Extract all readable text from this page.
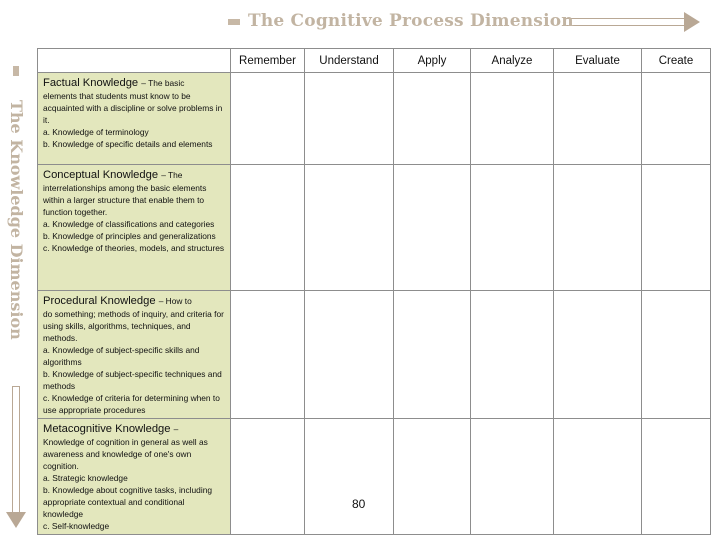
The Cognitive Process Dimension
The Knowledge Dimension
	Remember	Understand	Apply	Analyze	Evaluate	Create

Factual Knowledge – The basic
elements that students must know to be acquainted with a discipline or solve problems in it.
a. Knowledge of terminology
b. Knowledge of specific details and elements						

Conceptual Knowledge – The
interrelationships among the basic elements within a larger structure that enable them to function together.
a. Knowledge of classifications and categories
b. Knowledge of principles and generalizations
c. Knowledge of theories, models, and structures						

Procedural Knowledge – How to
do something; methods of inquiry, and criteria for using skills, algorithms, techniques, and methods.
a. Knowledge of subject-specific skills and algorithms
b. Knowledge of subject-specific techniques and methods
c. Knowledge of criteria for determining when to use appropriate procedures						

Metacognitive Knowledge –
Knowledge of cognition in general as well as awareness and knowledge of one's own cognition.
a. Strategic knowledge
b. Knowledge about cognitive tasks, including appropriate contextual and conditional knowledge
c. Self-knowledge						

80
